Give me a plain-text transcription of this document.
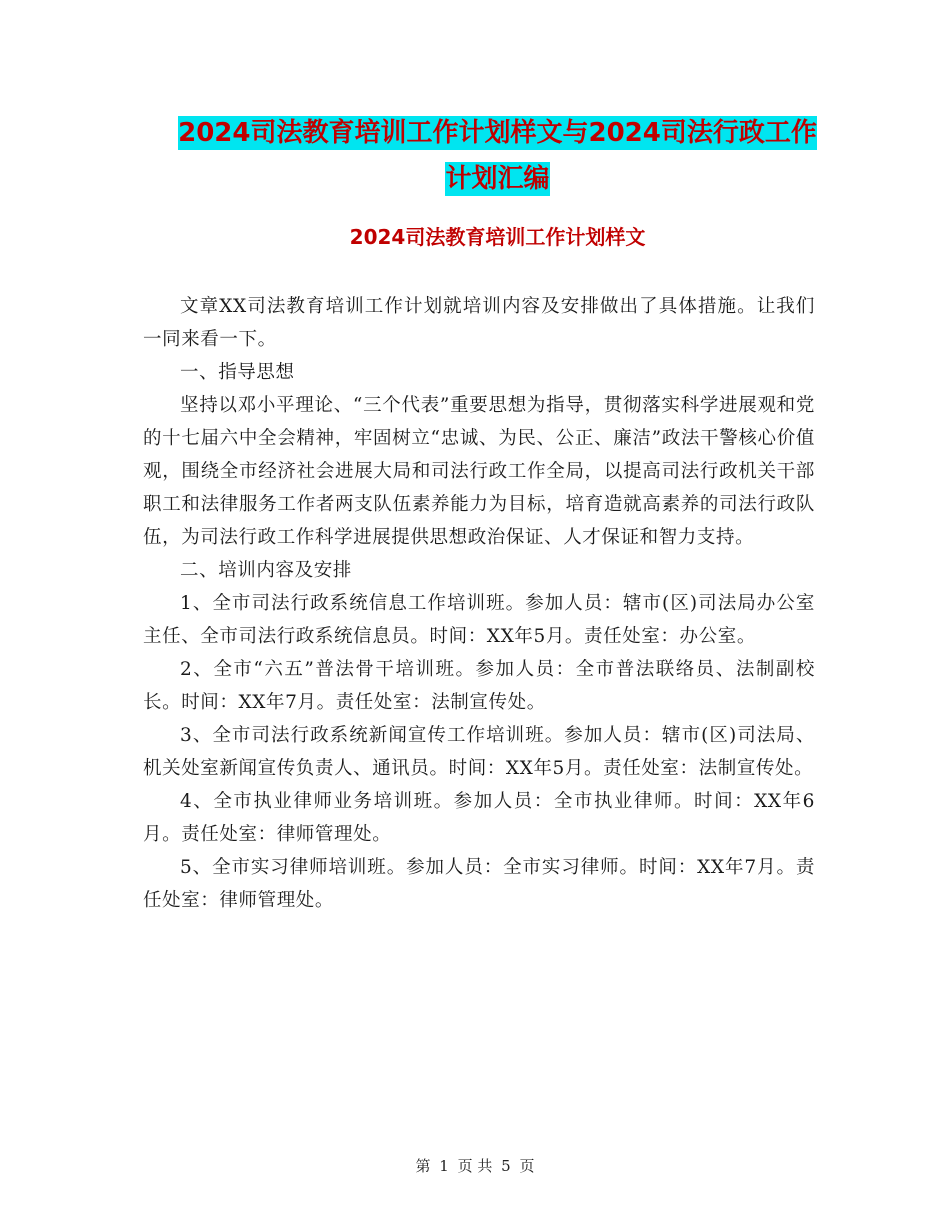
2024司法教育培训工作计划样文与2024司法行政工作
计划汇编
2024司法教育培训工作计划样文

文章XX司法教育培训工作计划就培训内容及安排做出了具体措施。让我们一同来看一下。

一、指导思想

坚持以邓小平理论、“三个代表”重要思想为指导，贯彻落实科学进展观和党的十七届六中全会精神，牢固树立“忠诚、为民、公正、廉洁”政法干警核心价值观，围绕全市经济社会进展大局和司法行政工作全局，以提高司法行政机关干部职工和法律服务工作者两支队伍素养能力为目标，培育造就高素养的司法行政队伍，为司法行政工作科学进展提供思想政治保证、人才保证和智力支持。

二、培训内容及安排

1、全市司法行政系统信息工作培训班。参加人员：辖市(区)司法局办公室主任、全市司法行政系统信息员。时间：XX年5月。责任处室：办公室。

2、全市“六五”普法骨干培训班。参加人员：全市普法联络员、法制副校长。时间：XX年7月。责任处室：法制宣传处。

3、全市司法行政系统新闻宣传工作培训班。参加人员：辖市(区)司法局、机关处室新闻宣传负责人、通讯员。时间：XX年5月。责任处室：法制宣传处。

4、全市执业律师业务培训班。参加人员：全市执业律师。时间：XX年6月。责任处室：律师管理处。

5、全市实习律师培训班。参加人员：全市实习律师。时间：XX年7月。责任处室：律师管理处。

第 1 页 共 5 页
